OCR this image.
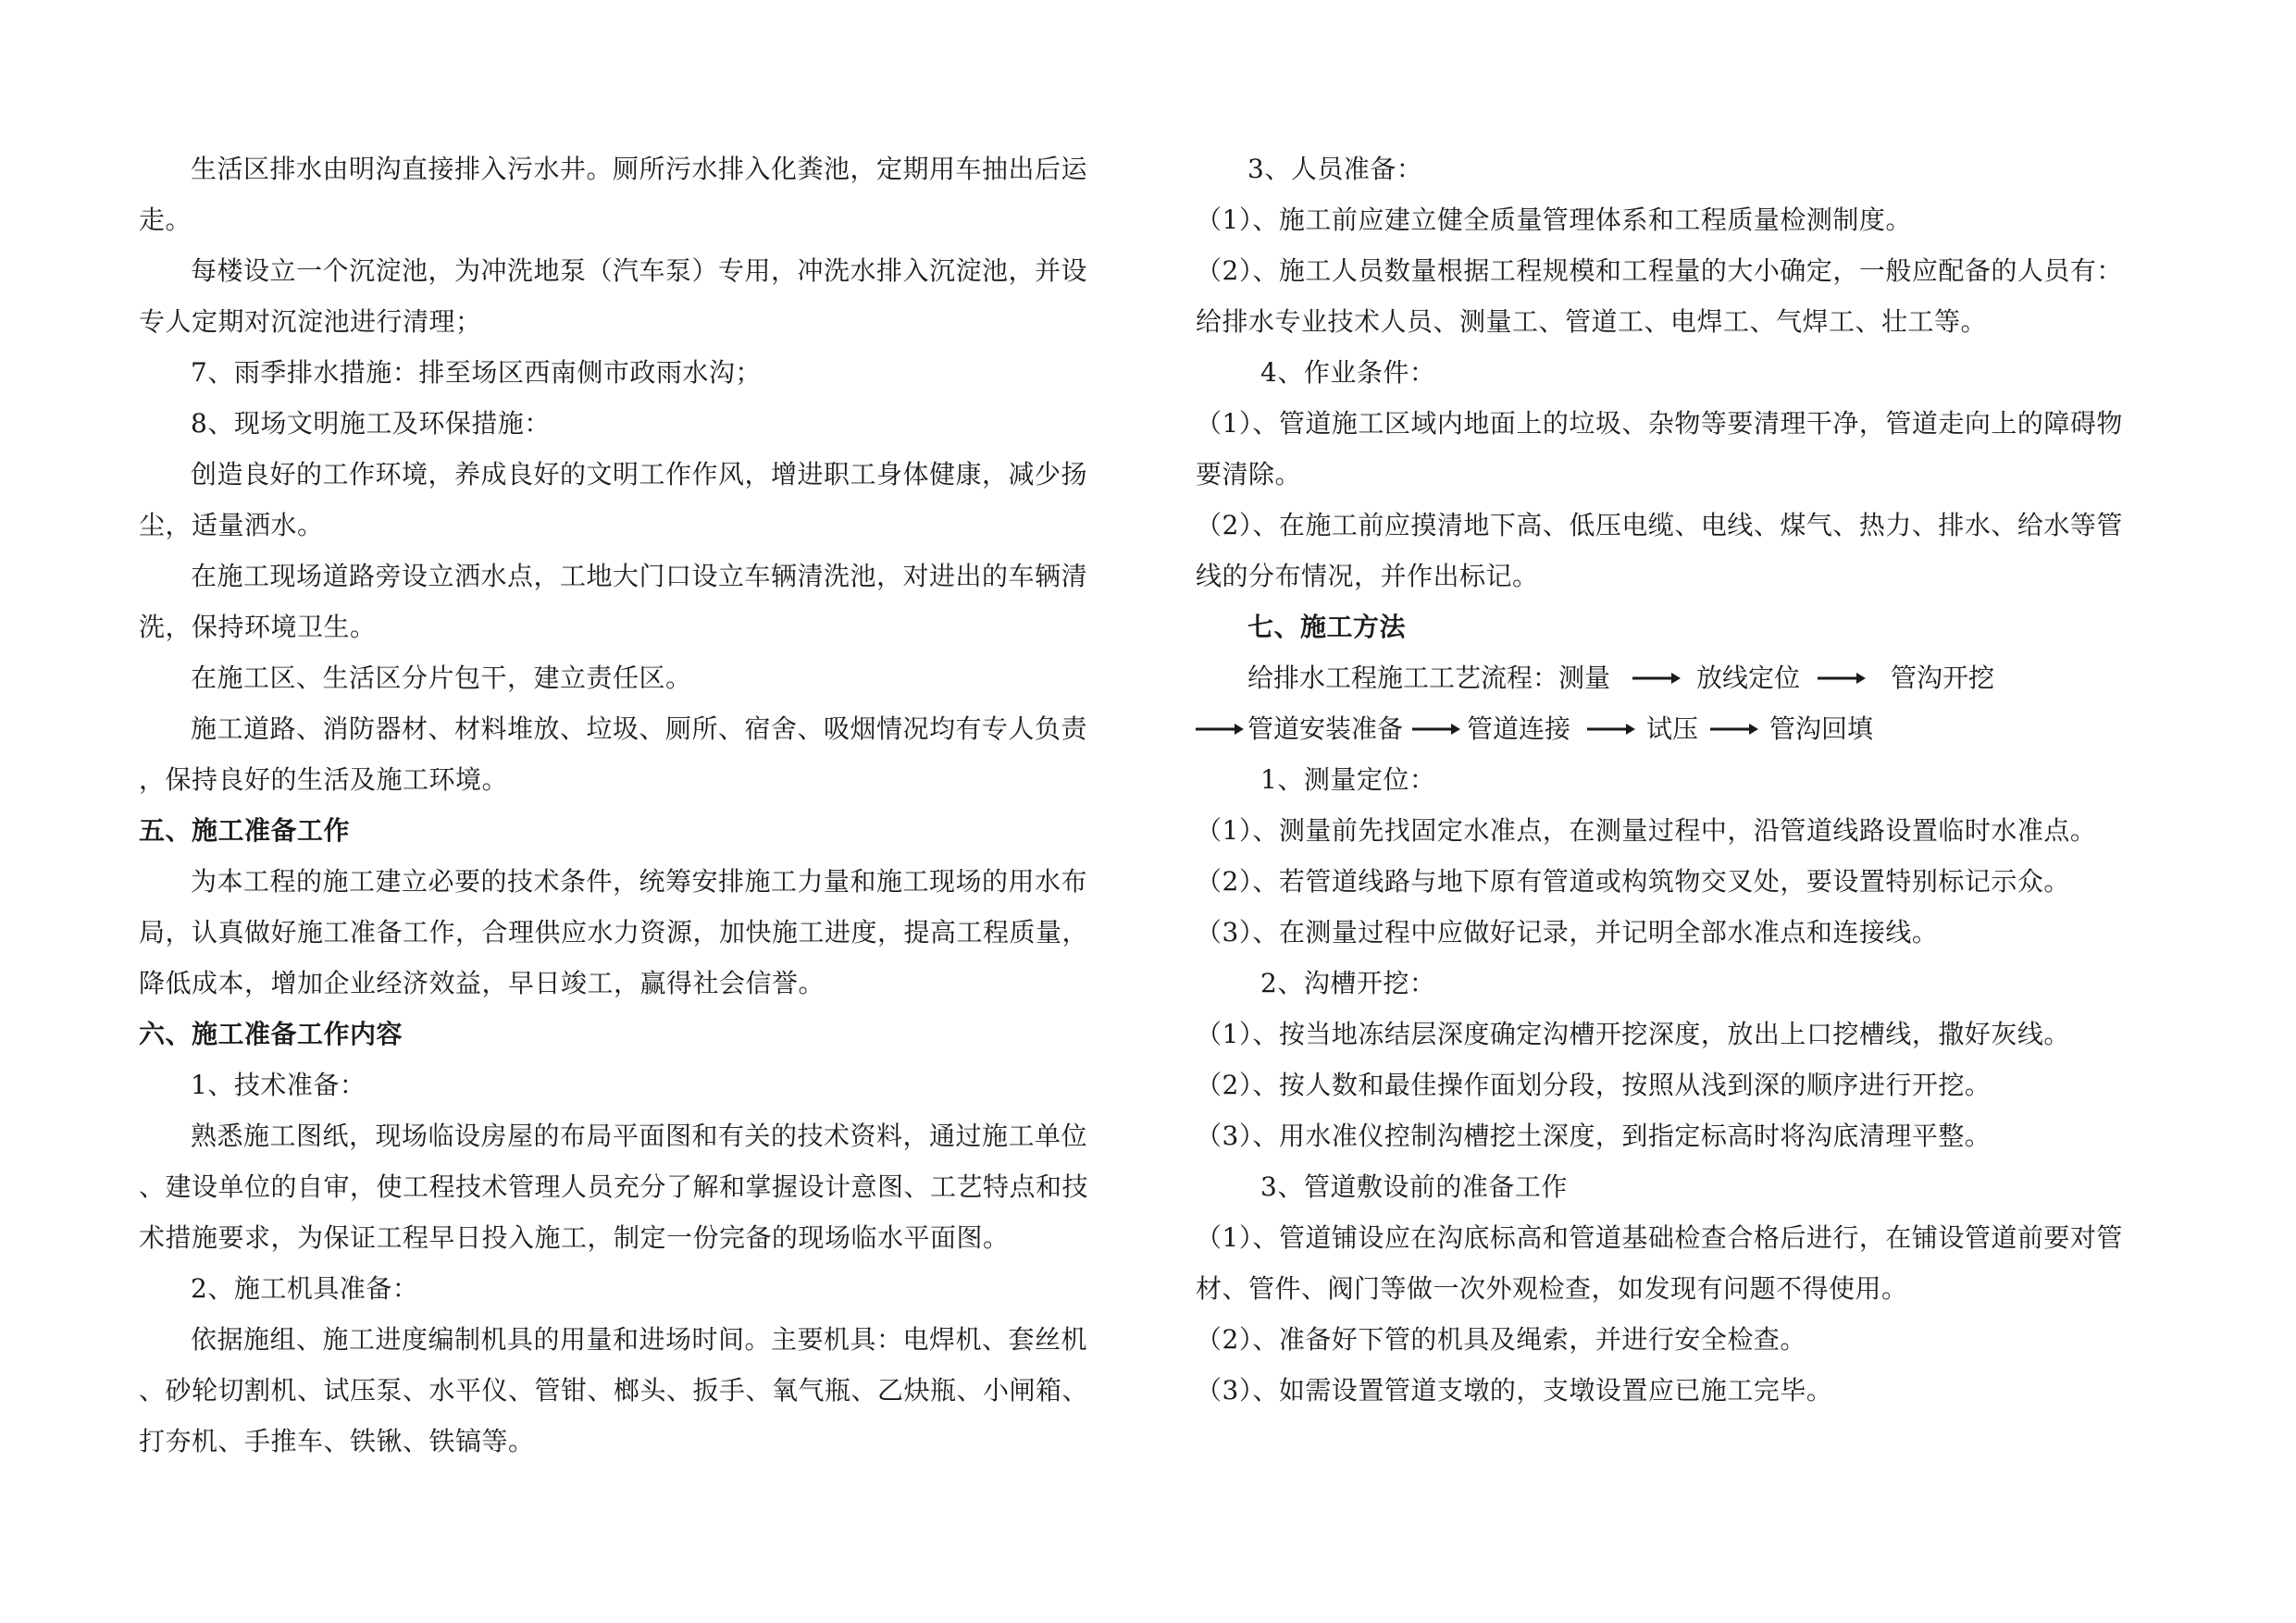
生活区排水由明沟直接排入污水井。厕所污水排入化粪池，定期用车抽出后运
走。
每楼设立一个沉淀池，为冲洗地泵（汽车泵）专用，冲洗水排入沉淀池，并设
专人定期对沉淀池进行清理；
7、雨季排水措施：排至场区西南侧市政雨水沟；
8、现场文明施工及环保措施：
创造良好的工作环境，养成良好的文明工作作风，增进职工身体健康，减少扬
尘，适量洒水。
在施工现场道路旁设立洒水点，工地大门口设立车辆清洗池，对进出的车辆清
洗，保持环境卫生。
在施工区、生活区分片包干，建立责任区。
施工道路、消防器材、材料堆放、垃圾、厕所、宿舍、吸烟情况均有专人负责
，保持良好的生活及施工环境。
五、施工准备工作
为本工程的施工建立必要的技术条件，统筹安排施工力量和施工现场的用水布
局，认真做好施工准备工作，合理供应水力资源，加快施工进度，提高工程质量，
降低成本，增加企业经济效益，早日竣工，赢得社会信誉。
六、施工准备工作内容
1、技术准备：
熟悉施工图纸，现场临设房屋的布局平面图和有关的技术资料，通过施工单位
、建设单位的自审，使工程技术管理人员充分了解和掌握设计意图、工艺特点和技
术措施要求，为保证工程早日投入施工，制定一份完备的现场临水平面图。
2、施工机具准备：
依据施组、施工进度编制机具的用量和进场时间。主要机具：电焊机、套丝机
、砂轮切割机、试压泵、水平仪、管钳、榔头、扳手、氧气瓶、乙炔瓶、小闸箱、
打夯机、手推车、铁锹、铁镐等。
3、人员准备：
（1）、施工前应建立健全质量管理体系和工程质量检测制度。
（2）、施工人员数量根据工程规模和工程量的大小确定，一般应配备的人员有：
给排水专业技术人员、测量工、管道工、电焊工、气焊工、壮工等。
4、作业条件：
（1）、管道施工区域内地面上的垃圾、杂物等要清理干净，管道走向上的障碍物
要清除。
（2）、在施工前应摸清地下高、低压电缆、电线、煤气、热力、排水、给水等管
线的分布情况，并作出标记。
七、施工方法
给排水工程施工工艺流程：测量	放线定位	管沟开挖
管道安装准备 管道连接	试压	管沟回填
1、测量定位：
（1）、测量前先找固定水准点，在测量过程中，沿管道线路设置临时水准点。
（2）、若管道线路与地下原有管道或构筑物交叉处，要设置特别标记示众。
（3）、在测量过程中应做好记录，并记明全部水准点和连接线。
2、沟槽开挖：
（1）、按当地冻结层深度确定沟槽开挖深度，放出上口挖槽线，撒好灰线。
（2）、按人数和最佳操作面划分段，按照从浅到深的顺序进行开挖。
（3）、用水准仪控制沟槽挖土深度，到指定标高时将沟底清理平整。
3、管道敷设前的准备工作
（1）、管道铺设应在沟底标高和管道基础检查合格后进行，在铺设管道前要对管
材、管件、阀门等做一次外观检查，如发现有问题不得使用。
（2）、准备好下管的机具及绳索，并进行安全检查。
（3）、如需设置管道支墩的，支墩设置应已施工完毕。
